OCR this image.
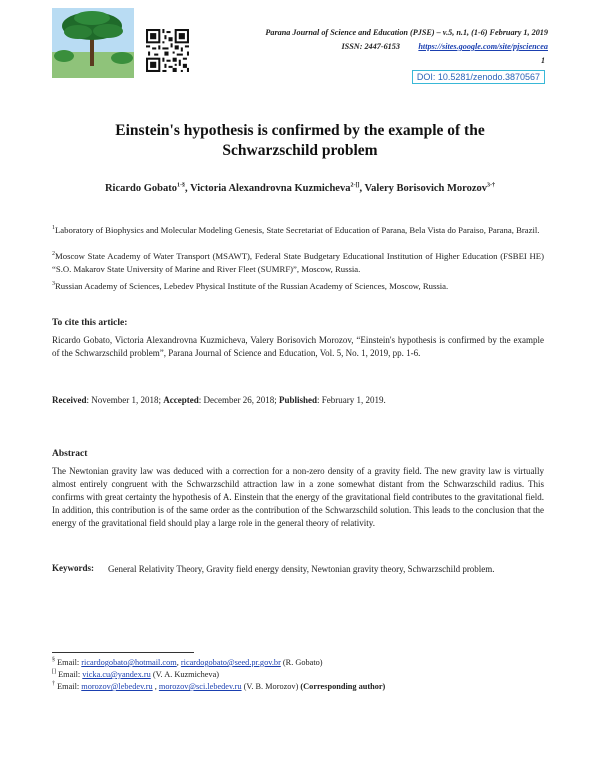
Parana Journal of Science and Education (PJSE) – v.5, n.1, (1-6) February 1, 2019
ISSN: 2447-6153 https://sites.google.com/site/pjsciencea
1
DOI: 10.5281/zenodo.3870567
Einstein's hypothesis is confirmed by the example of the
Schwarzschild problem
Ricardo Gobato$^{1-\S}$, Victoria Alexandrovna Kuzmicheva$^{2-[]}$, Valery Borisovich Morozov$^{3-\dagger}$
$^1$Laboratory of Biophysics and Molecular Modeling Genesis, State Secretariat of Education of Parana, Bela Vista do Paraiso, Parana, Brazil.
$^2$Moscow State Academy of Water Transport (MSAWT), Federal State Budgetary Educational Institution of Higher Education (FSBEI HE) “S.O. Makarov State University of Marine and River Fleet (SUMRF)”, Moscow, Russia.
$^3$Russian Academy of Sciences, Lebedev Physical Institute of the Russian Academy of Sciences, Moscow, Russia.
To cite this article:
Ricardo Gobato, Victoria Alexandrovna Kuzmicheva, Valery Borisovich Morozov, “Einstein's hypothesis is confirmed by the example of the Schwarzschild problem”, Parana Journal of Science and Education, Vol. 5, No. 1, 2019, pp. 1-6.
Received: November 1, 2018; Accepted: December 26, 2018; Published: February 1, 2019.
Abstract
The Newtonian gravity law was deduced with a correction for a non-zero density of a gravity field. The new gravity law is virtually almost entirely congruent with the Schwarzschild attraction law in a zone somewhat distant from the Schwarzschild radius. This confirms with great certainty the hypothesis of A. Einstein that the energy of the gravitational field contributes to the gravitational field. In addition, this contribution is of the same order as the contribution of the Schwarzschild solution. This leads to the conclusion that the energy of the gravitational field should play a large role in the general theory of relativity.
Keywords: General Relativity Theory, Gravity field energy density, Newtonian gravity theory, Schwarzschild problem.
§ Email: ricardogobato@hotmail.com, ricardogobato@seed.pr.gov.br (R. Gobato)
[] Email: vicka.cu@yandex.ru (V. A. Kuzmicheva)
† Email: morozov@lebedev.ru , morozov@sci.lebedev.ru (V. B. Morozov) (Corresponding author)
